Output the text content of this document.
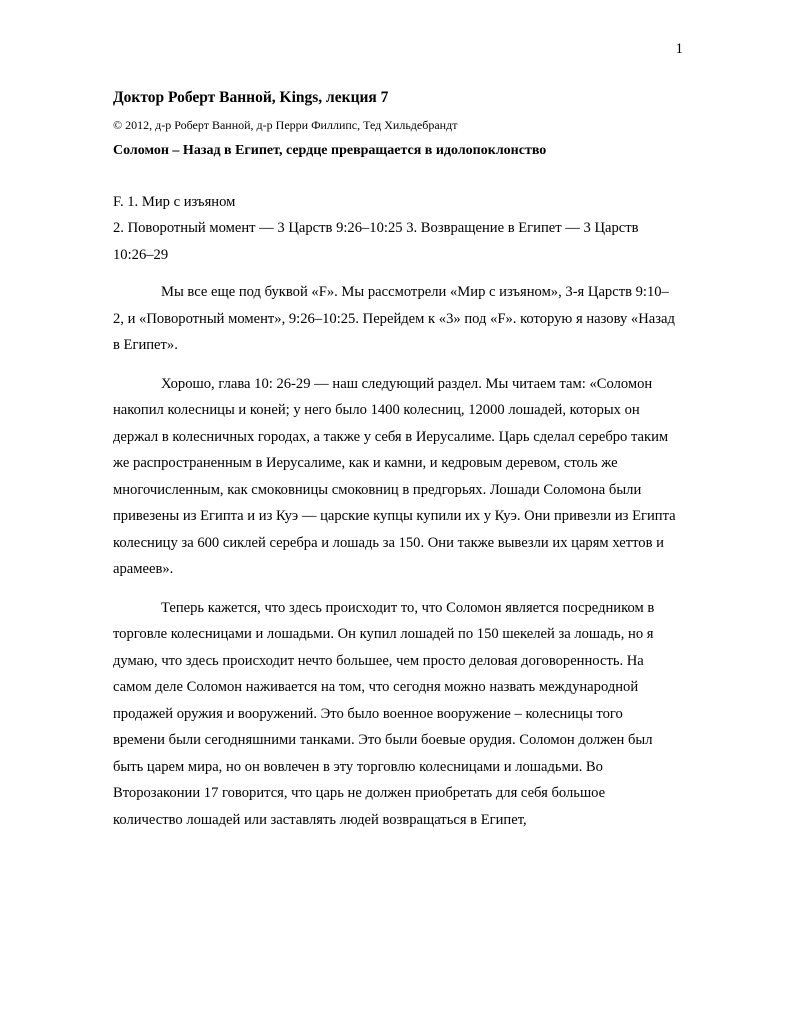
1
Доктор Роберт Ванной, Kings, лекция 7
© 2012, д-р Роберт Ванной, д-р Перри Филлипс, Тед Хильдебрандт
Соломон – Назад в Египет, сердце превращается в идолопоклонство
F. 1. Мир с изъяном
2. Поворотный момент — 3 Царств 9:26–10:25 3. Возвращение в Египет — 3 Царств 10:26–29

Мы все еще под буквой «F». Мы рассмотрели «Мир с изъяном», 3-я Царств 9:10–2, и «Поворотный момент», 9:26–10:25. Перейдем к «3» под «F». которую я назову «Назад в Египет».

Хорошо, глава 10: 26-29 — наш следующий раздел. Мы читаем там: «Соломон накопил колесницы и коней; у него было 1400 колесниц, 12000 лошадей, которых он держал в колесничных городах, а также у себя в Иерусалиме. Царь сделал серебро таким же распространенным в Иерусалиме, как и камни, и кедровым деревом, столь же многочисленным, как смоковницы смоковниц в предгорьях. Лошади Соломона были привезены из Египта и из Куэ — царские купцы купили их у Куэ. Они привезли из Египта колесницу за 600 сиклей серебра и лошадь за 150. Они также вывезли их царям хеттов и арамеев».

Теперь кажется, что здесь происходит то, что Соломон является посредником в торговле колесницами и лошадьми. Он купил лошадей по 150 шекелей за лошадь, но я думаю, что здесь происходит нечто большее, чем просто деловая договоренность. На самом деле Соломон наживается на том, что сегодня можно назвать международной продажей оружия и вооружений. Это было военное вооружение – колесницы того времени были сегодняшними танками. Это были боевые орудия. Соломон должен был быть царем мира, но он вовлечен в эту торговлю колесницами и лошадьми. Во Второзаконии 17 говорится, что царь не должен приобретать для себя большое количество лошадей или заставлять людей возвращаться в Египет,
